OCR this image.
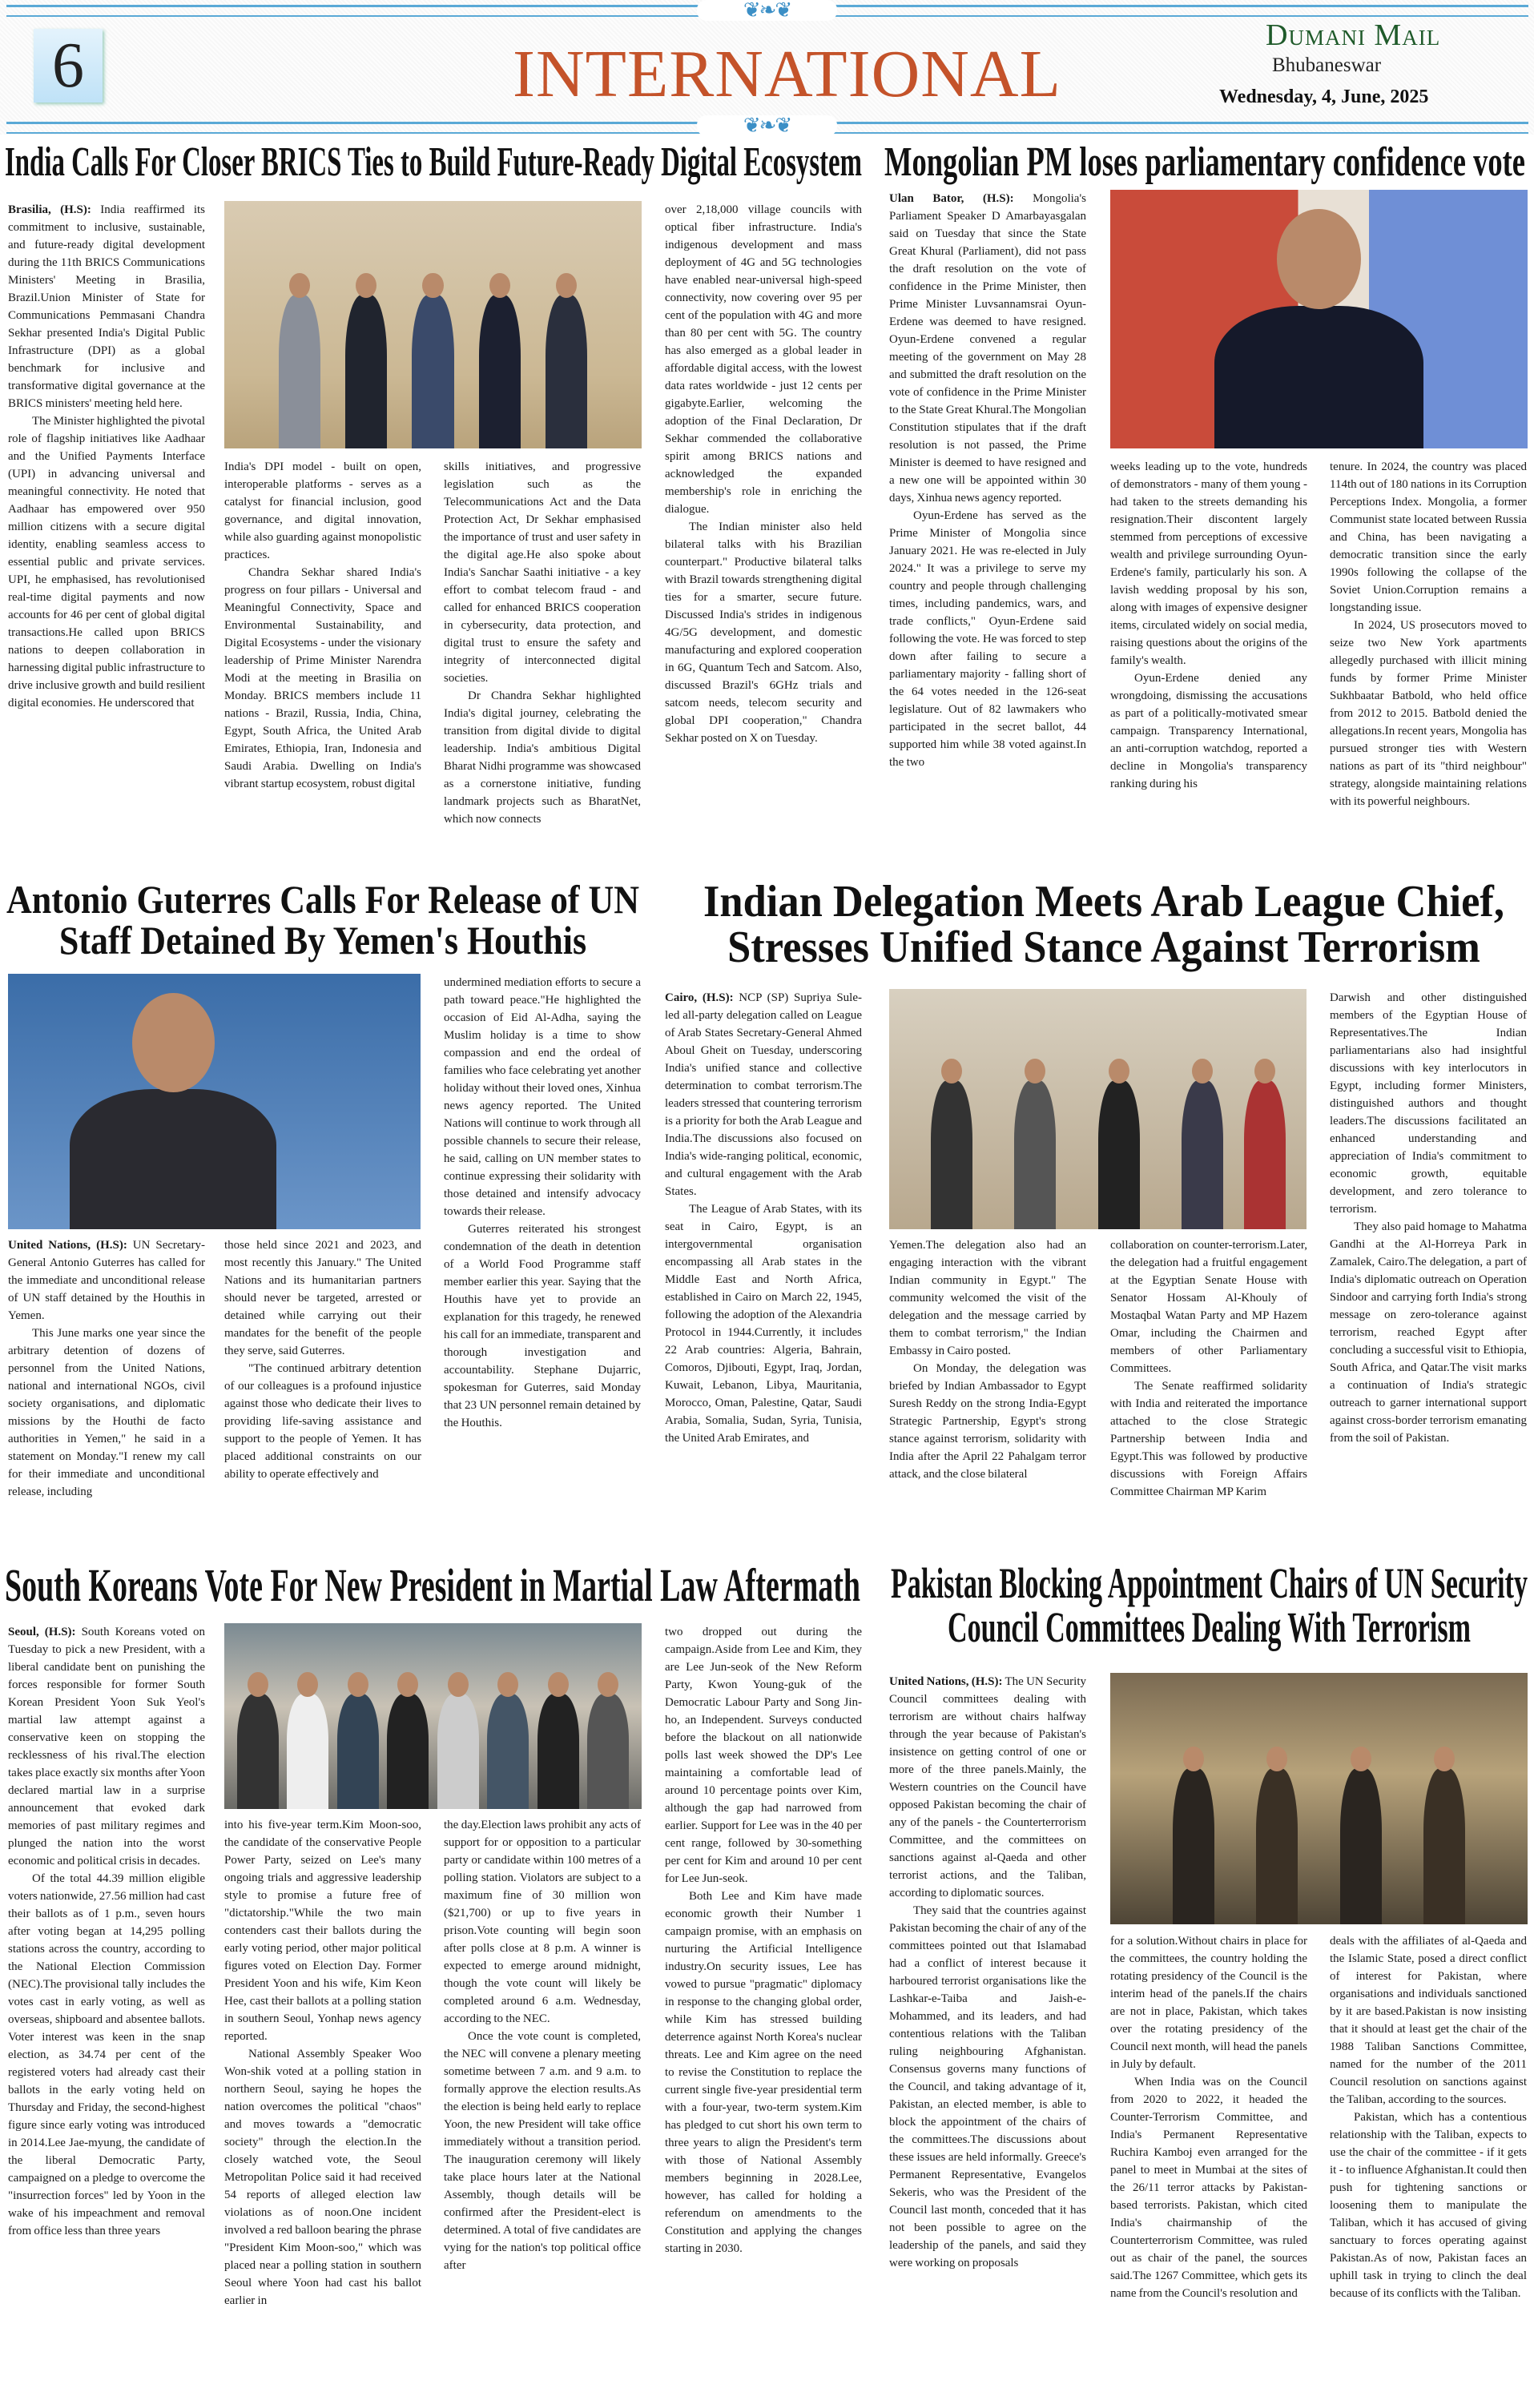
❦❧❦
6	INTERNATIONAL
Dumani Mail
Bhubaneswar
Wednesday, 4, June, 2025
❦❧❦
India Calls For Closer BRICS Ties to Build Future-Ready Digital Ecosystem

Brasilia, (H.S): India reaffirmed its commitment to inclusive, sustainable, and future-ready digital development during the 11th BRICS Communications Ministers' Meeting in Brasilia, Brazil.Union Minister of State for Communications Pemmasani Chandra Sekhar presented India's Digital Public Infrastructure (DPI) as a global benchmark for inclusive and transformative digital governance at the BRICS ministers' meeting held here.

The Minister highlighted the pivotal role of flagship initiatives like Aadhaar and the Unified Payments Interface (UPI) in advancing universal and meaningful connectivity. He noted that Aadhaar has empowered over 950 million citizens with a secure digital identity, enabling seamless access to essential public and private services. UPI, he emphasised, has revolutionised real-time digital payments and now accounts for 46 per cent of global digital transactions.He called upon BRICS nations to deepen collaboration in harnessing digital public infrastructure to drive inclusive growth and build resilient digital economies. He underscored that

India's DPI model - built on open, interoperable platforms - serves as a catalyst for financial inclusion, good governance, and digital innovation, while also guarding against monopolistic practices.

Chandra Sekhar shared India's progress on four pillars - Universal and Meaningful Connectivity, Space and Environmental Sustainability, and Digital Ecosystems - under the visionary leadership of Prime Minister Narendra Modi at the meeting in Brasilia on Monday. BRICS members include 11 nations - Brazil, Russia, India, China, Egypt, South Africa, the United Arab Emirates, Ethiopia, Iran, Indonesia and Saudi Arabia. Dwelling on India's vibrant startup ecosystem, robust digital

skills initiatives, and progressive legislation such as the Telecommunications Act and the Data Protection Act, Dr Sekhar emphasised the importance of trust and user safety in the digital age.He also spoke about India's Sanchar Saathi initiative - a key effort to combat telecom fraud - and called for enhanced BRICS cooperation in cybersecurity, data protection, and digital trust to ensure the safety and integrity of interconnected digital societies.

Dr Chandra Sekhar highlighted India's digital journey, celebrating the transition from digital divide to digital leadership. India's ambitious Digital Bharat Nidhi programme was showcased as a cornerstone initiative, funding landmark projects such as BharatNet, which now connects

over 2,18,000 village councils with optical fiber infrastructure. India's indigenous development and mass deployment of 4G and 5G technologies have enabled near-universal high-speed connectivity, now covering over 95 per cent of the population with 4G and more than 80 per cent with 5G. The country has also emerged as a global leader in affordable digital access, with the lowest data rates worldwide - just 12 cents per gigabyte.Earlier, welcoming the adoption of the Final Declaration, Dr Sekhar commended the collaborative spirit among BRICS nations and acknowledged the expanded membership's role in enriching the dialogue.

The Indian minister also held bilateral talks with his Brazilian counterpart." Productive bilateral talks with Brazil towards strengthening digital ties for a smarter, secure future. Discussed India's strides in indigenous 4G/5G development, and domestic manufacturing and explored cooperation in 6G, Quantum Tech and Satcom. Also, discussed Brazil's 6GHz trials and satcom needs, telecom security and global DPI cooperation," Chandra Sekhar posted on X on Tuesday.

Mongolian PM loses parliamentary confidence vote

Ulan Bator, (H.S): Mongolia's Parliament Speaker D Amarbayasgalan said on Tuesday that since the State Great Khural (Parliament), did not pass the draft resolution on the vote of confidence in the Prime Minister, then Prime Minister Luvsannamsrai Oyun-Erdene was deemed to have resigned. Oyun-Erdene convened a regular meeting of the government on May 28 and submitted the draft resolution on the vote of confidence in the Prime Minister to the State Great Khural.The Mongolian Constitution stipulates that if the draft resolution is not passed, the Prime Minister is deemed to have resigned and a new one will be appointed within 30 days, Xinhua news agency reported.

Oyun-Erdene has served as the Prime Minister of Mongolia since January 2021. He was re-elected in July 2024." It was a privilege to serve my country and people through challenging times, including pandemics, wars, and trade conflicts," Oyun-Erdene said following the vote. He was forced to step down after failing to secure a parliamentary majority - falling short of the 64 votes needed in the 126-seat legislature. Out of 82 lawmakers who participated in the secret ballot, 44 supported him while 38 voted against.In the two

weeks leading up to the vote, hundreds of demonstrators - many of them young - had taken to the streets demanding his resignation.Their discontent largely stemmed from perceptions of excessive wealth and privilege surrounding Oyun-Erdene's family, particularly his son. A lavish wedding proposal by his son, along with images of expensive designer items, circulated widely on social media, raising questions about the origins of the family's wealth.

Oyun-Erdene denied any wrongdoing, dismissing the accusations as part of a politically-motivated smear campaign. Transparency International, an anti-corruption watchdog, reported a decline in Mongolia's transparency ranking during his

tenure. In 2024, the country was placed 114th out of 180 nations in its Corruption Perceptions Index. Mongolia, a former Communist state located between Russia and China, has been navigating a democratic transition since the early 1990s following the collapse of the Soviet Union.Corruption remains a longstanding issue.

In 2024, US prosecutors moved to seize two New York apartments allegedly purchased with illicit mining funds by former Prime Minister Sukhbaatar Batbold, who held office from 2012 to 2015. Batbold denied the allegations.In recent years, Mongolia has pursued stronger ties with Western nations as part of its "third neighbour" strategy, alongside maintaining relations with its powerful neighbours.

Antonio Guterres Calls For Release of UN
Staff Detained By Yemen's Houthis

United Nations, (H.S): UN Secretary-General Antonio Guterres has called for the immediate and unconditional release of UN staff detained by the Houthis in Yemen.

This June marks one year since the arbitrary detention of dozens of personnel from the United Nations, national and international NGOs, civil society organisations, and diplomatic missions by the Houthi de facto authorities in Yemen," he said in a statement on Monday."I renew my call for their immediate and unconditional release, including

those held since 2021 and 2023, and most recently this January." The United Nations and its humanitarian partners should never be targeted, arrested or detained while carrying out their mandates for the benefit of the people they serve, said Guterres.

"The continued arbitrary detention of our colleagues is a profound injustice against those who dedicate their lives to providing life-saving assistance and support to the people of Yemen. It has placed additional constraints on our ability to operate effectively and

undermined mediation efforts to secure a path toward peace."He highlighted the occasion of Eid Al-Adha, saying the Muslim holiday is a time to show compassion and end the ordeal of families who face celebrating yet another holiday without their loved ones, Xinhua news agency reported. The United Nations will continue to work through all possible channels to secure their release, he said, calling on UN member states to continue expressing their solidarity with those detained and intensify advocacy towards their release.

Guterres reiterated his strongest condemnation of the death in detention of a World Food Programme staff member earlier this year. Saying that the Houthis have yet to provide an explanation for this tragedy, he renewed his call for an immediate, transparent and thorough investigation and accountability. Stephane Dujarric, spokesman for Guterres, said Monday that 23 UN personnel remain detained by the Houthis.

Indian Delegation Meets Arab League Chief,
Stresses Unified Stance Against Terrorism

Cairo, (H.S): NCP (SP) Supriya Sule-led all-party delegation called on League of Arab States Secretary-General Ahmed Aboul Gheit on Tuesday, underscoring India's unified stance and collective determination to combat terrorism.The leaders stressed that countering terrorism is a priority for both the Arab League and India.The discussions also focused on India's wide-ranging political, economic, and cultural engagement with the Arab States.

The League of Arab States, with its seat in Cairo, Egypt, is an intergovernmental organisation encompassing all Arab states in the Middle East and North Africa, established in Cairo on March 22, 1945, following the adoption of the Alexandria Protocol in 1944.Currently, it includes 22 Arab countries: Algeria, Bahrain, Comoros, Djibouti, Egypt, Iraq, Jordan, Kuwait, Lebanon, Libya, Mauritania, Morocco, Oman, Palestine, Qatar, Saudi Arabia, Somalia, Sudan, Syria, Tunisia, the United Arab Emirates, and

Yemen.The delegation also had an engaging interaction with the vibrant Indian community in Egypt." The community welcomed the visit of the delegation and the message carried by them to combat terrorism," the Indian Embassy in Cairo posted.

On Monday, the delegation was briefed by Indian Ambassador to Egypt Suresh Reddy on the strong India-Egypt Strategic Partnership, Egypt's strong stance against terrorism, solidarity with India after the April 22 Pahalgam terror attack, and the close bilateral

collaboration on counter-terrorism.Later, the delegation had a fruitful engagement at the Egyptian Senate House with Senator Hossam Al-Khouly of Mostaqbal Watan Party and MP Hazem Omar, including the Chairmen and members of other Parliamentary Committees.

The Senate reaffirmed solidarity with India and reiterated the importance attached to the close Strategic Partnership between India and Egypt.This was followed by productive discussions with Foreign Affairs Committee Chairman MP Karim

Darwish and other distinguished members of the Egyptian House of Representatives.The Indian parliamentarians also had insightful discussions with key interlocutors in Egypt, including former Ministers, distinguished authors and thought leaders.The discussions facilitated an enhanced understanding and appreciation of India's commitment to economic growth, equitable development, and zero tolerance to terrorism.

They also paid homage to Mahatma Gandhi at the Al-Horreya Park in Zamalek, Cairo.The delegation, a part of India's diplomatic outreach on Operation Sindoor and carrying forth India's strong message on zero-tolerance against terrorism, reached Egypt after concluding a successful visit to Ethiopia, South Africa, and Qatar.The visit marks a continuation of India's strategic outreach to garner international support against cross-border terrorism emanating from the soil of Pakistan.

South Koreans Vote For New President in Martial Law Aftermath

Seoul, (H.S): South Koreans voted on Tuesday to pick a new President, with a liberal candidate bent on punishing the forces responsible for former South Korean President Yoon Suk Yeol's martial law attempt against a conservative keen on stopping the recklessness of his rival.The election takes place exactly six months after Yoon declared martial law in a surprise announcement that evoked dark memories of past military regimes and plunged the nation into the worst economic and political crisis in decades.

Of the total 44.39 million eligible voters nationwide, 27.56 million had cast their ballots as of 1 p.m., seven hours after voting began at 14,295 polling stations across the country, according to the National Election Commission (NEC).The provisional tally includes the votes cast in early voting, as well as overseas, shipboard and absentee ballots. Voter interest was keen in the snap election, as 34.74 per cent of the registered voters had already cast their ballots in the early voting held on Thursday and Friday, the second-highest figure since early voting was introduced in 2014.Lee Jae-myung, the candidate of the liberal Democratic Party, campaigned on a pledge to overcome the "insurrection forces" led by Yoon in the wake of his impeachment and removal from office less than three years

into his five-year term.Kim Moon-soo, the candidate of the conservative People Power Party, seized on Lee's many ongoing trials and aggressive leadership style to promise a future free of "dictatorship."While the two main contenders cast their ballots during the early voting period, other major political figures voted on Election Day. Former President Yoon and his wife, Kim Keon Hee, cast their ballots at a polling station in southern Seoul, Yonhap news agency reported.

National Assembly Speaker Woo Won-shik voted at a polling station in northern Seoul, saying he hopes the nation overcomes the political "chaos" and moves towards a "democratic society" through the election.In the closely watched vote, the Seoul Metropolitan Police said it had received 54 reports of alleged election law violations as of noon.One incident involved a red balloon bearing the phrase "President Kim Moon-soo," which was placed near a polling station in southern Seoul where Yoon had cast his ballot earlier in

the day.Election laws prohibit any acts of support for or opposition to a particular party or candidate within 100 metres of a polling station. Violators are subject to a maximum fine of 30 million won ($21,700) or up to five years in prison.Vote counting will begin soon after polls close at 8 p.m. A winner is expected to emerge around midnight, though the vote count will likely be completed around 6 a.m. Wednesday, according to the NEC.

Once the vote count is completed, the NEC will convene a plenary meeting sometime between 7 a.m. and 9 a.m. to formally approve the election results.As the election is being held early to replace Yoon, the new President will take office immediately without a transition period. The inauguration ceremony will likely take place hours later at the National Assembly, though details will be confirmed after the President-elect is determined. A total of five candidates are vying for the nation's top political office after

two dropped out during the campaign.Aside from Lee and Kim, they are Lee Jun-seok of the New Reform Party, Kwon Young-guk of the Democratic Labour Party and Song Jin-ho, an Independent. Surveys conducted before the blackout on all nationwide polls last week showed the DP's Lee maintaining a comfortable lead of around 10 percentage points over Kim, although the gap had narrowed from earlier. Support for Lee was in the 40 per cent range, followed by 30-something per cent for Kim and around 10 per cent for Lee Jun-seok.

Both Lee and Kim have made economic growth their Number 1 campaign promise, with an emphasis on nurturing the Artificial Intelligence industry.On security issues, Lee has vowed to pursue "pragmatic" diplomacy in response to the changing global order, while Kim has stressed building deterrence against North Korea's nuclear threats. Lee and Kim agree on the need to revise the Constitution to replace the current single five-year presidential term with a four-year, two-term system.Kim has pledged to cut short his own term to three years to align the President's term with those of National Assembly members beginning in 2028.Lee, however, has called for holding a referendum on amendments to the Constitution and applying the changes starting in 2030.

Pakistan Blocking Appointment Chairs of UN Security
Council Committees Dealing With Terrorism

United Nations, (H.S): The UN Security Council committees dealing with terrorism are without chairs halfway through the year because of Pakistan's insistence on getting control of one or more of the three panels.Mainly, the Western countries on the Council have opposed Pakistan becoming the chair of any of the panels - the Counterterrorism Committee, and the committees on sanctions against al-Qaeda and other terrorist actions, and the Taliban, according to diplomatic sources.

They said that the countries against Pakistan becoming the chair of any of the committees pointed out that Islamabad had a conflict of interest because it harboured terrorist organisations like the Lashkar-e-Taiba and Jaish-e-Mohammed, and its leaders, and had contentious relations with the Taliban ruling neighbouring Afghanistan. Consensus governs many functions of the Council, and taking advantage of it, Pakistan, an elected member, is able to block the appointment of the chairs of the committees.The discussions about these issues are held informally. Greece's Permanent Representative, Evangelos Sekeris, who was the President of the Council last month, conceded that it has not been possible to agree on the leadership of the panels, and said they were working on proposals

for a solution.Without chairs in place for the committees, the country holding the rotating presidency of the Council is the interim head of the panels.If the chairs are not in place, Pakistan, which takes over the rotating presidency of the Council next month, will head the panels in July by default.

When India was on the Council from 2020 to 2022, it headed the Counter-Terrorism Committee, and India's Permanent Representative Ruchira Kamboj even arranged for the panel to meet in Mumbai at the sites of the 26/11 terror attacks by Pakistan-based terrorists. Pakistan, which cited India's chairmanship of the Counterterrorism Committee, was ruled out as chair of the panel, the sources said.The 1267 Committee, which gets its name from the Council's resolution and

deals with the affiliates of al-Qaeda and the Islamic State, posed a direct conflict of interest for Pakistan, where organisations and individuals sanctioned by it are based.Pakistan is now insisting that it should at least get the chair of the 1988 Taliban Sanctions Committee, named for the number of the 2011 Council resolution on sanctions against the Taliban, according to the sources.

Pakistan, which has a contentious relationship with the Taliban, expects to use the chair of the committee - if it gets it - to influence Afghanistan.It could then push for tightening sanctions or loosening them to manipulate the Taliban, which it has accused of giving sanctuary to forces operating against Pakistan.As of now, Pakistan faces an uphill task in trying to clinch the deal because of its conflicts with the Taliban.
